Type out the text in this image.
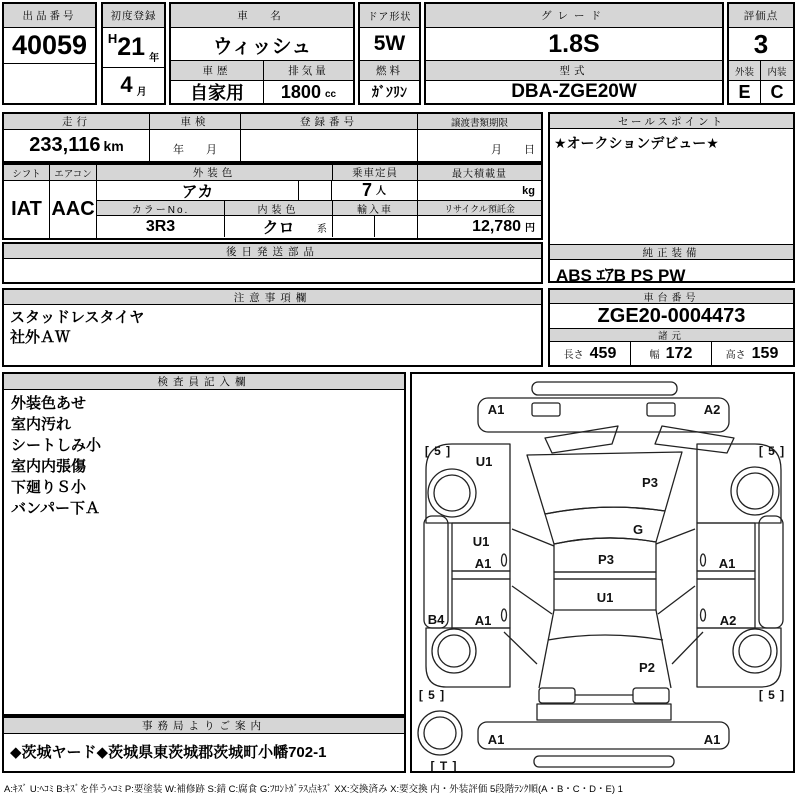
出品番号
40059
初度登録
H 21 年
4 月
車　名
ウィッシュ
車歴	排気量
自家用	1800 cc
ドア形状
5W
燃料
ｶﾞｿﾘﾝ
グレード
1.8S
型式
DBA-ZGE20W
評価点
3
外装	内装
E	C
走行
233,116 km
車検
年　　月
登録番号	譲渡書類期限
月　　日
シフト
IAT
エアコン
AAC
外装色	乗車定員
アカ	7 人
カラーNo.	内装色	輸入車
3R3	クロ 系
最大積載量
kg
リサイクル預託金
12,780 円
後日発送部品
注意事項欄
スタッドレスタイヤ
社外ＡＷ
セールスポイント
★オークションデビュー★
純正装備
ABS ｴｱB PS PW
車台番号
ZGE20-0004473
諸元
長さ 459	幅 172	高さ 159
検査員記入欄
外装色あせ
室内汚れ
シートしみ小
室内内張傷
下廻りＳ小
バンパー下Ａ
事務局よりご案内
◆茨城ヤード◆茨城県東茨城郡茨城町小幡702-1
A1	A2
[ 5 ]	[ 5 ]
U1
P3
G
U1
A1	P3	A1
U1
B4 A1	A2
P2
[ 5 ]	[ 5 ]
A1	A1
[ T ]
A:ｷｽﾞ U:ﾍｺﾐ B:ｷｽﾞを伴うﾍｺﾐ P:要塗装 W:補修跡 S:錆 C:腐食 G:ﾌﾛﾝﾄｶﾞﾗｽ点ｷｽﾞ XX:交換済み X:要交換 内・外装評価 5段階ﾗﾝｸ順(A・B・C・D・E) 1
